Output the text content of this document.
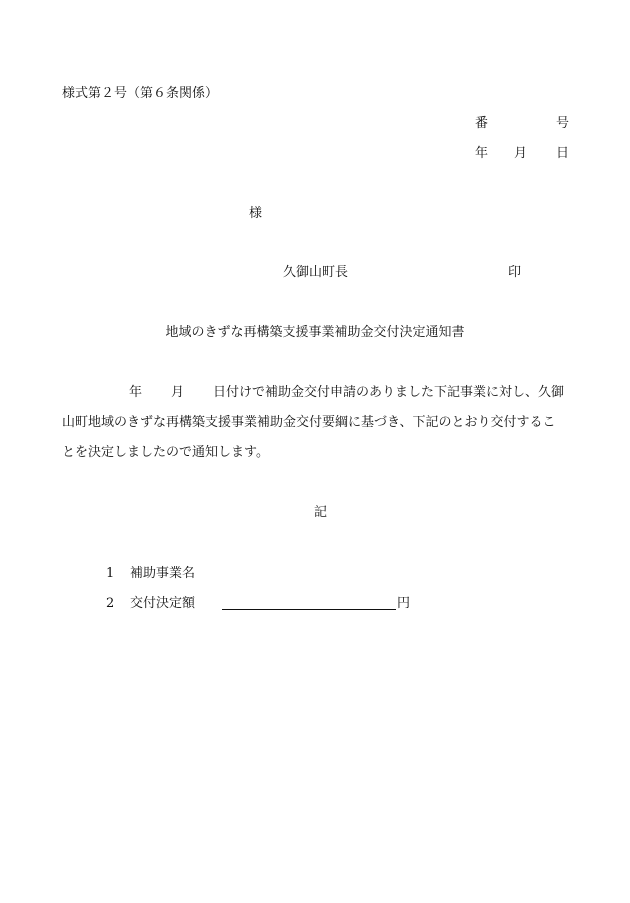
様式第２号（第６条関係）
番	号
年 月 日
様
久御山町長	印
地域のきずな再構築支援事業補助金交付決定通知書
年 月 日付けで補助金交付申請のありました下記事業に対し、久御
山町地域のきずな再構築支援事業補助金交付要綱に基づき、下記のとおり交付するこ
とを決定しましたので通知します。
記
1 補助事業名
2 交付決定額	円
